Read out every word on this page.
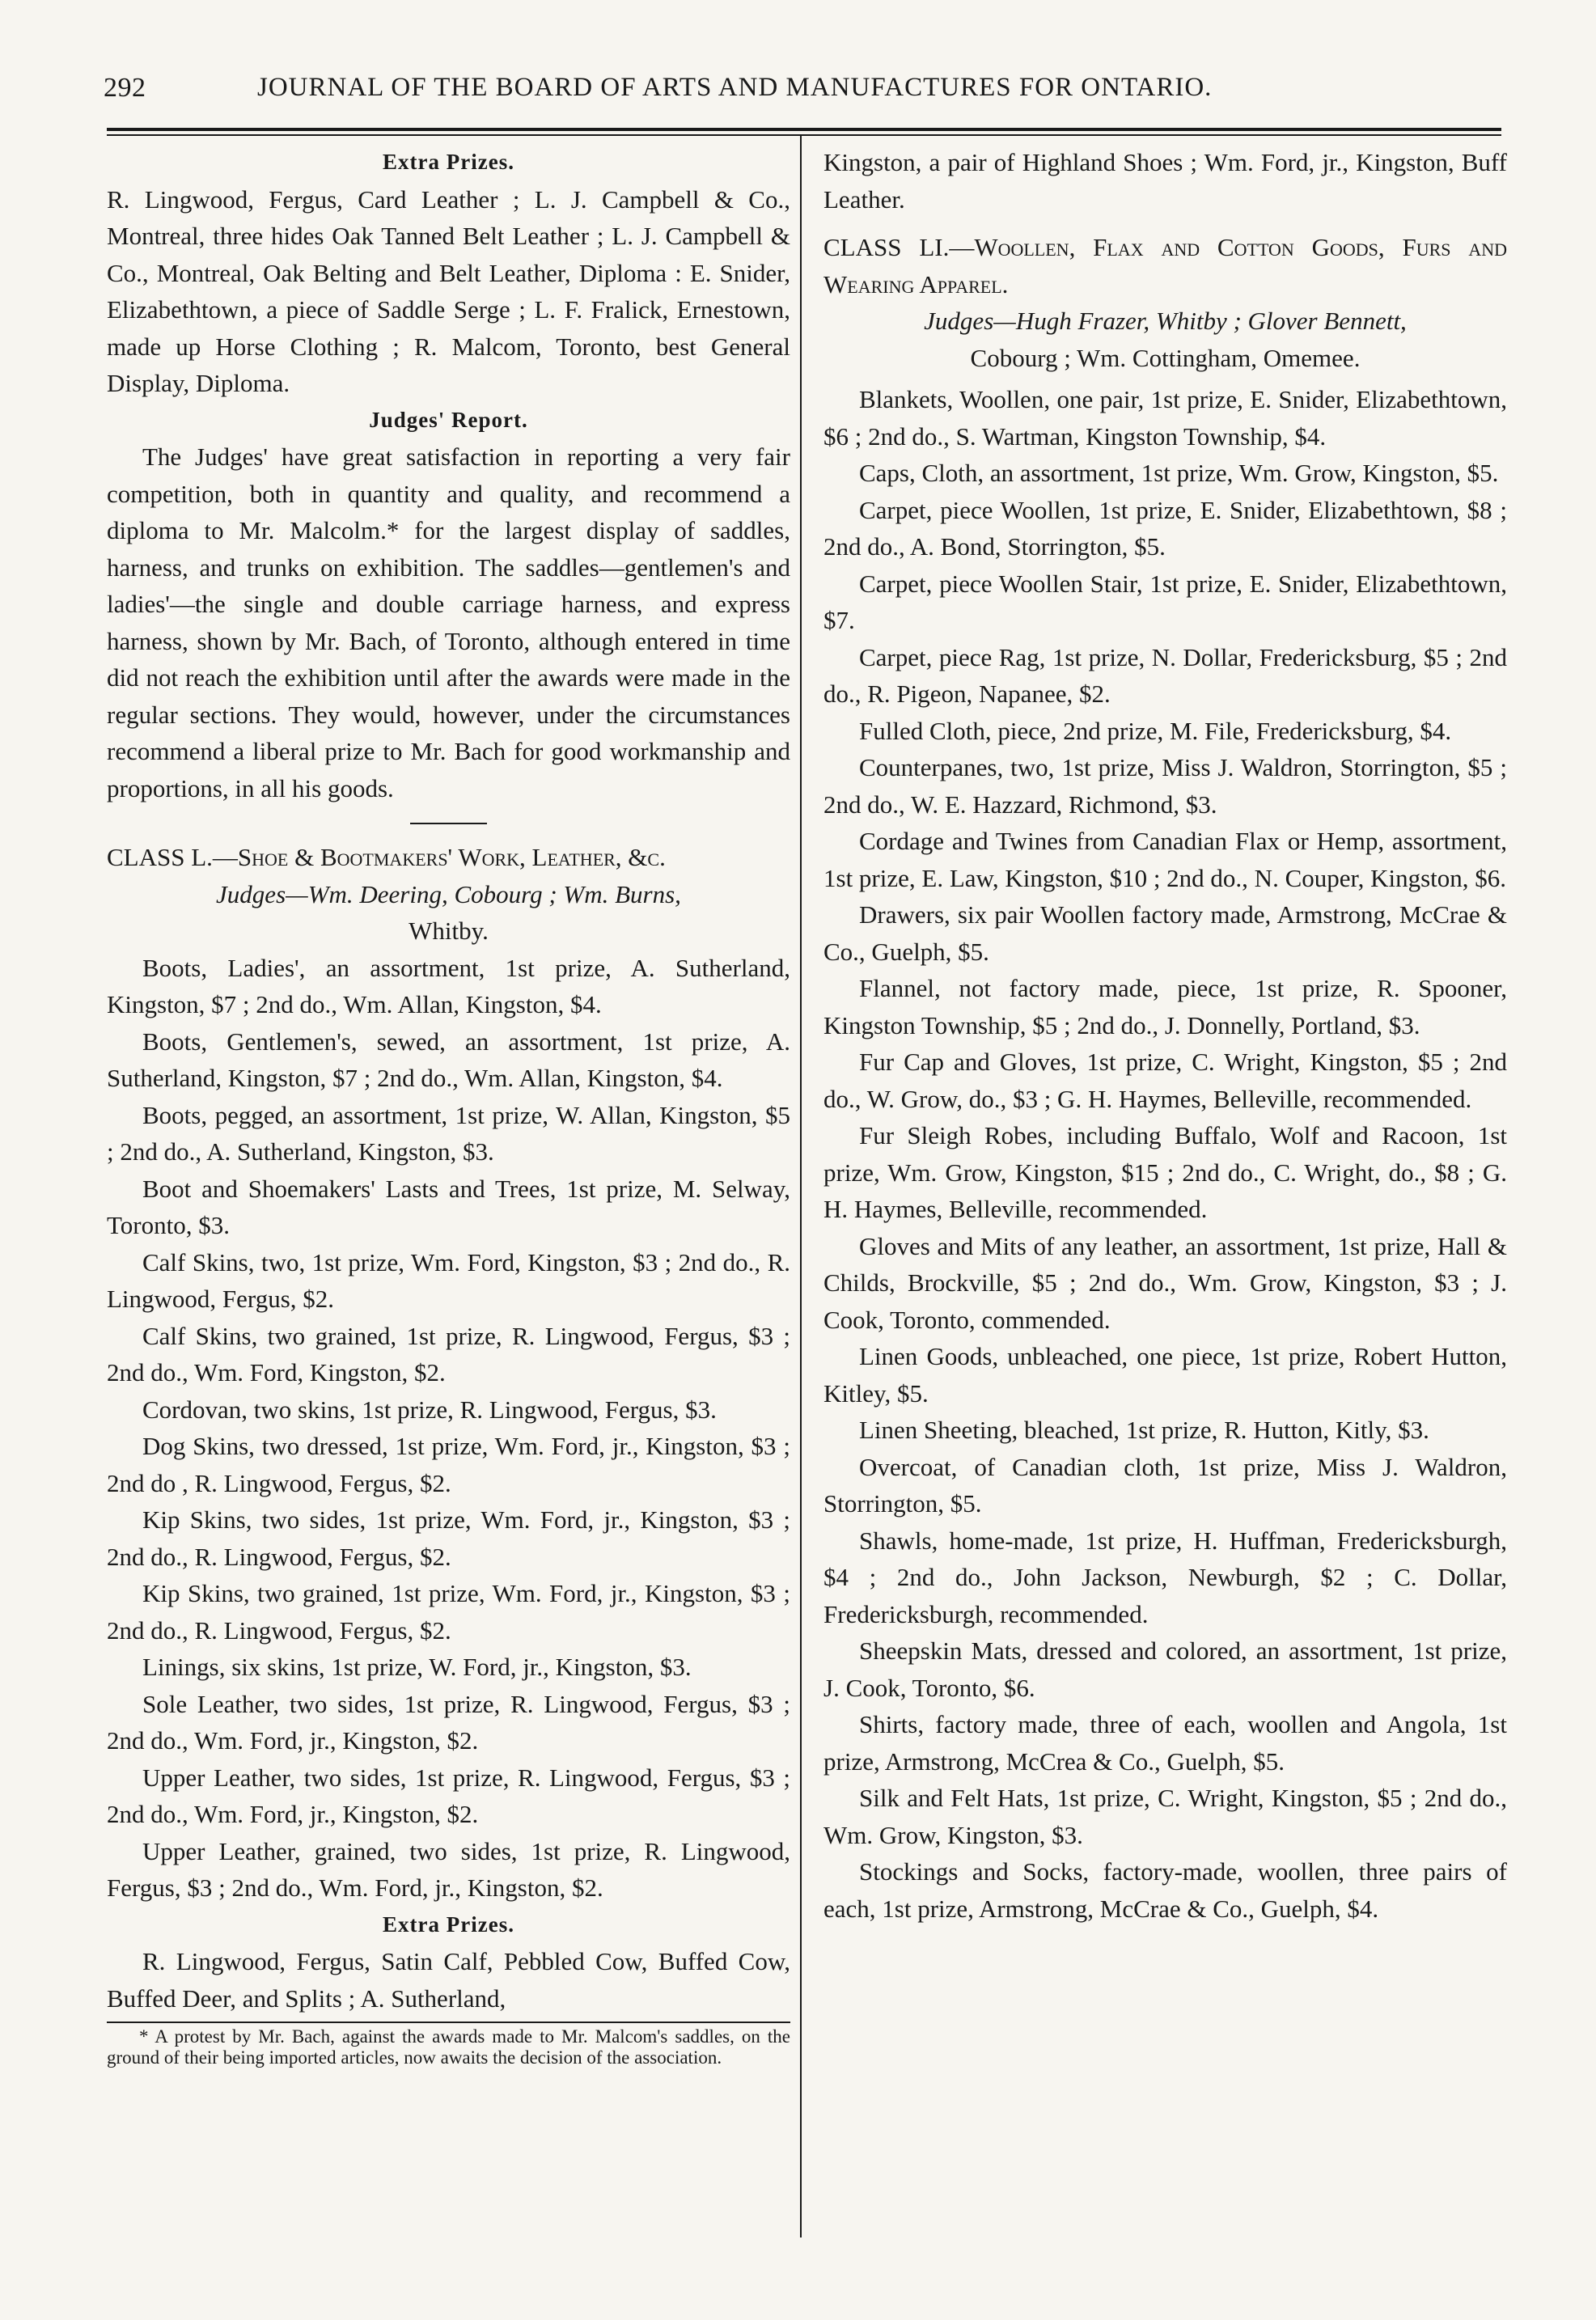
292	JOURNAL OF THE BOARD OF ARTS AND MANUFACTURES FOR ONTARIO.

Extra Prizes.

R. Lingwood, Fergus, Card Leather ; L. J. Campbell & Co., Montreal, three hides Oak Tanned Belt Leather ; L. J. Campbell & Co., Montreal, Oak Belting and Belt Leather, Diploma : E. Snider, Elizabethtown, a piece of Saddle Serge ; L. F. Fralick, Ernestown, made up Horse Clothing ; R. Malcom, Toronto, best General Display, Diploma.

Judges' Report.

The Judges' have great satisfaction in reporting a very fair competition, both in quantity and quality, and recommend a diploma to Mr. Malcolm.* for the largest display of saddles, harness, and trunks on exhibition. The saddles—gentlemen's and ladies'—the single and double carriage harness, and express harness, shown by Mr. Bach, of Toronto, although entered in time did not reach the exhibition until after the awards were made in the regular sections. They would, however, under the circumstances recommend a liberal prize to Mr. Bach for good workmanship and proportions, in all his goods.

CLASS L.—Shoe & Bootmakers' Work, Leather, &c.

Judges—Wm. Deering, Cobourg ; Wm. Burns,

Whitby.

Boots, Ladies', an assortment, 1st prize, A. Sutherland, Kingston, $7 ; 2nd do., Wm. Allan, Kingston, $4.

Boots, Gentlemen's, sewed, an assortment, 1st prize, A. Sutherland, Kingston, $7 ; 2nd do., Wm. Allan, Kingston, $4.

Boots, pegged, an assortment, 1st prize, W. Allan, Kingston, $5 ; 2nd do., A. Sutherland, Kingston, $3.

Boot and Shoemakers' Lasts and Trees, 1st prize, M. Selway, Toronto, $3.

Calf Skins, two, 1st prize, Wm. Ford, Kingston, $3 ; 2nd do., R. Lingwood, Fergus, $2.

Calf Skins, two grained, 1st prize, R. Lingwood, Fergus, $3 ; 2nd do., Wm. Ford, Kingston, $2.

Cordovan, two skins, 1st prize, R. Lingwood, Fergus, $3.

Dog Skins, two dressed, 1st prize, Wm. Ford, jr., Kingston, $3 ; 2nd do , R. Lingwood, Fergus, $2.

Kip Skins, two sides, 1st prize, Wm. Ford, jr., Kingston, $3 ; 2nd do., R. Lingwood, Fergus, $2.

Kip Skins, two grained, 1st prize, Wm. Ford, jr., Kingston, $3 ; 2nd do., R. Lingwood, Fergus, $2.

Linings, six skins, 1st prize, W. Ford, jr., Kingston, $3.

Sole Leather, two sides, 1st prize, R. Lingwood, Fergus, $3 ; 2nd do., Wm. Ford, jr., Kingston, $2.

Upper Leather, two sides, 1st prize, R. Lingwood, Fergus, $3 ; 2nd do., Wm. Ford, jr., Kingston, $2.

Upper Leather, grained, two sides, 1st prize, R. Lingwood, Fergus, $3 ; 2nd do., Wm. Ford, jr., Kingston, $2.

Extra Prizes.

R. Lingwood, Fergus, Satin Calf, Pebbled Cow, Buffed Cow, Buffed Deer, and Splits ; A. Sutherland,

* A protest by Mr. Bach, against the awards made to Mr. Malcom's saddles, on the ground of their being imported articles, now awaits the decision of the association.

Kingston, a pair of Highland Shoes ; Wm. Ford, jr., Kingston, Buff Leather.

CLASS LI.—Woollen, Flax and Cotton Goods, Furs and Wearing Apparel.

Judges—Hugh Frazer, Whitby ; Glover Bennett,

Cobourg ; Wm. Cottingham, Omemee.

Blankets, Woollen, one pair, 1st prize, E. Snider, Elizabethtown, $6 ; 2nd do., S. Wartman, Kingston Township, $4.

Caps, Cloth, an assortment, 1st prize, Wm. Grow, Kingston, $5.

Carpet, piece Woollen, 1st prize, E. Snider, Elizabethtown, $8 ; 2nd do., A. Bond, Storrington, $5.

Carpet, piece Woollen Stair, 1st prize, E. Snider, Elizabethtown, $7.

Carpet, piece Rag, 1st prize, N. Dollar, Fredericksburg, $5 ; 2nd do., R. Pigeon, Napanee, $2.

Fulled Cloth, piece, 2nd prize, M. File, Fredericksburg, $4.

Counterpanes, two, 1st prize, Miss J. Waldron, Storrington, $5 ; 2nd do., W. E. Hazzard, Richmond, $3.

Cordage and Twines from Canadian Flax or Hemp, assortment, 1st prize, E. Law, Kingston, $10 ; 2nd do., N. Couper, Kingston, $6.

Drawers, six pair Woollen factory made, Armstrong, McCrae & Co., Guelph, $5.

Flannel, not factory made, piece, 1st prize, R. Spooner, Kingston Township, $5 ; 2nd do., J. Donnelly, Portland, $3.

Fur Cap and Gloves, 1st prize, C. Wright, Kingston, $5 ; 2nd do., W. Grow, do., $3 ; G. H. Haymes, Belleville, recommended.

Fur Sleigh Robes, including Buffalo, Wolf and Racoon, 1st prize, Wm. Grow, Kingston, $15 ; 2nd do., C. Wright, do., $8 ; G. H. Haymes, Belleville, recommended.

Gloves and Mits of any leather, an assortment, 1st prize, Hall & Childs, Brockville, $5 ; 2nd do., Wm. Grow, Kingston, $3 ; J. Cook, Toronto, commended.

Linen Goods, unbleached, one piece, 1st prize, Robert Hutton, Kitley, $5.

Linen Sheeting, bleached, 1st prize, R. Hutton, Kitly, $3.

Overcoat, of Canadian cloth, 1st prize, Miss J. Waldron, Storrington, $5.

Shawls, home-made, 1st prize, H. Huffman, Fredericksburgh, $4 ; 2nd do., John Jackson, Newburgh, $2 ; C. Dollar, Fredericksburgh, recommended.

Sheepskin Mats, dressed and colored, an assortment, 1st prize, J. Cook, Toronto, $6.

Shirts, factory made, three of each, woollen and Angola, 1st prize, Armstrong, McCrea & Co., Guelph, $5.

Silk and Felt Hats, 1st prize, C. Wright, Kingston, $5 ; 2nd do., Wm. Grow, Kingston, $3.

Stockings and Socks, factory-made, woollen, three pairs of each, 1st prize, Armstrong, McCrae & Co., Guelph, $4.
